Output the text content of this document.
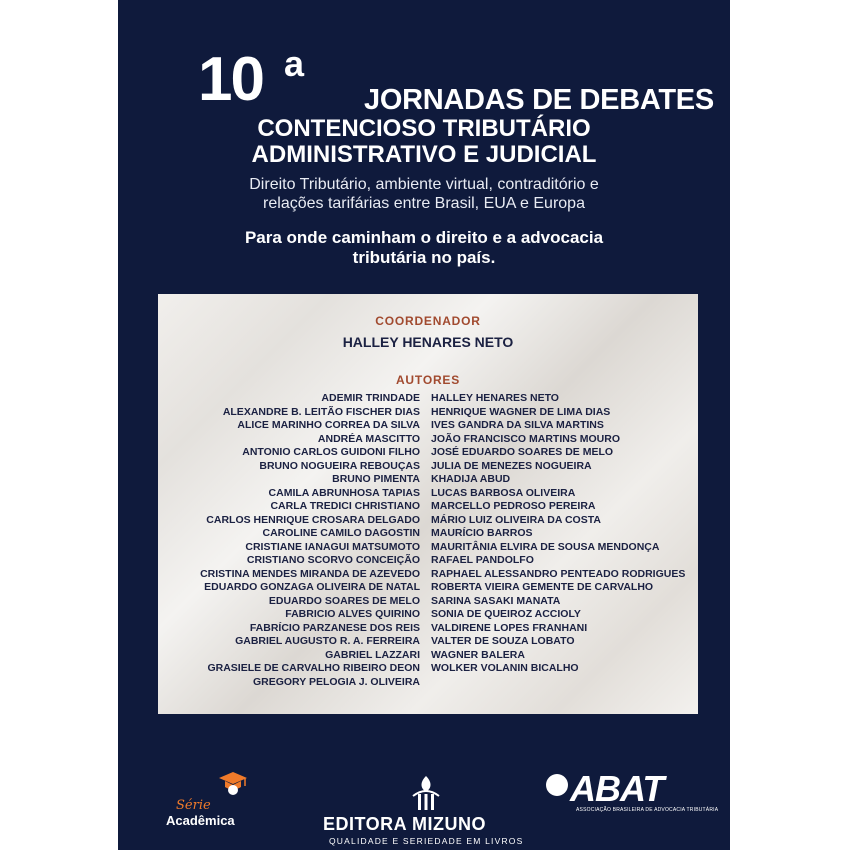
10 a
JORNADAS DE DEBATES
CONTENCIOSO TRIBUTÁRIO
ADMINISTRATIVO E JUDICIAL
Direito Tributário, ambiente virtual, contraditório e
relações tarifárias entre Brasil, EUA e Europa
Para onde caminham o direito e a advocacia
tributária no país.
COORDENADOR
HALLEY HENARES NETO
AUTORES
ADEMIR TRINDADE
ALEXANDRE B. LEITÃO FISCHER DIAS
ALICE MARINHO CORREA DA SILVA
ANDRÉA MASCITTO
ANTONIO CARLOS GUIDONI FILHO
BRUNO NOGUEIRA REBOUÇAS
BRUNO PIMENTA
CAMILA ABRUNHOSA TAPIAS
CARLA TREDICI CHRISTIANO
CARLOS HENRIQUE CROSARA DELGADO
CAROLINE CAMILO DAGOSTIN
CRISTIANE IANAGUI MATSUMOTO
CRISTIANO SCORVO CONCEIÇÃO
CRISTINA MENDES MIRANDA DE AZEVEDO
EDUARDO GONZAGA OLIVEIRA DE NATAL
EDUARDO SOARES DE MELO
FABRICIO ALVES QUIRINO
FABRÍCIO PARZANESE DOS REIS
GABRIEL AUGUSTO R. A. FERREIRA
GABRIEL LAZZARI
GRASIELE DE CARVALHO RIBEIRO DEON
GREGORY PELOGIA J. OLIVEIRA
HALLEY HENARES NETO
HENRIQUE WAGNER DE LIMA DIAS
IVES GANDRA DA SILVA MARTINS
JOÃO FRANCISCO MARTINS MOURO
JOSÉ EDUARDO SOARES DE MELO
JULIA DE MENEZES NOGUEIRA
KHADIJA ABUD
LUCAS BARBOSA OLIVEIRA
MARCELLO PEDROSO PEREIRA
MÁRIO LUIZ OLIVEIRA DA COSTA
MAURÍCIO BARROS
MAURITÂNIA ELVIRA DE SOUSA MENDONÇA
RAFAEL PANDOLFO
RAPHAEL ALESSANDRO PENTEADO RODRIGUES
ROBERTA VIEIRA GEMENTE DE CARVALHO
SARINA SASAKI MANATA
SONIA DE QUEIROZ ACCIOLY
VALDIRENE LOPES FRANHANI
VALTER DE SOUZA LOBATO
WAGNER BALERA
WOLKER VOLANIN BICALHO
Série
Acadêmica	EDITORA MIZUNO
QUALIDADE E SERIEDADE EM LIVROS
ABAT
ASSOCIAÇÃO BRASILEIRA DE ADVOCACIA TRIBUTÁRIA
